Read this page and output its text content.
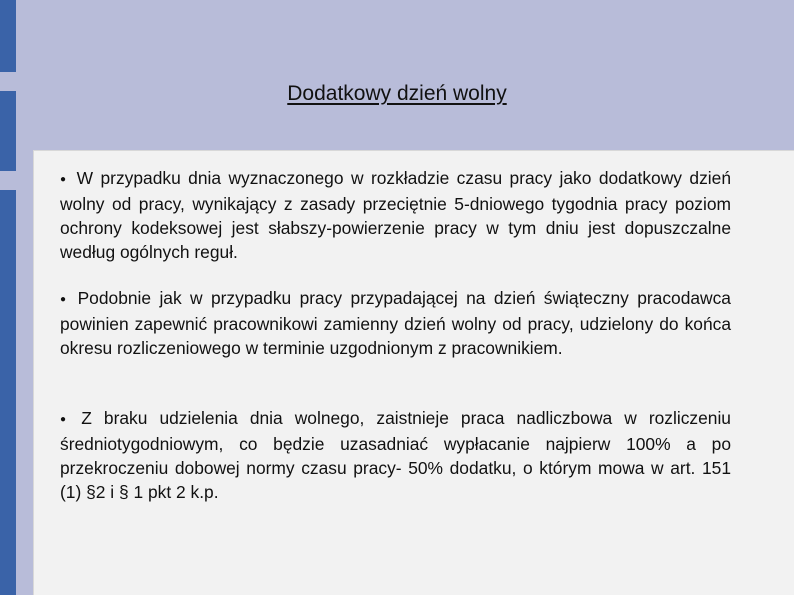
Dodatkowy dzień wolny

● W przypadku dnia wyznaczonego w rozkładzie czasu pracy jako dodatkowy dzień wolny od pracy, wynikający z zasady przeciętnie 5-dniowego tygodnia pracy poziom ochrony kodeksowej jest słabszy-powierzenie pracy w tym dniu jest dopuszczalne według ogólnych reguł.

● Podobnie jak w przypadku pracy przypadającej na dzień świąteczny pracodawca powinien zapewnić pracownikowi zamienny dzień wolny od pracy, udzielony do końca okresu rozliczeniowego w terminie uzgodnionym z pracownikiem.

● Z braku udzielenia dnia wolnego, zaistnieje praca nadliczbowa w rozliczeniu średniotygodniowym, co będzie uzasadniać wypłacanie najpierw 100% a po przekroczeniu dobowej normy czasu pracy- 50% dodatku, o którym mowa w art. 151 (1) §2 i § 1 pkt 2 k.p.
